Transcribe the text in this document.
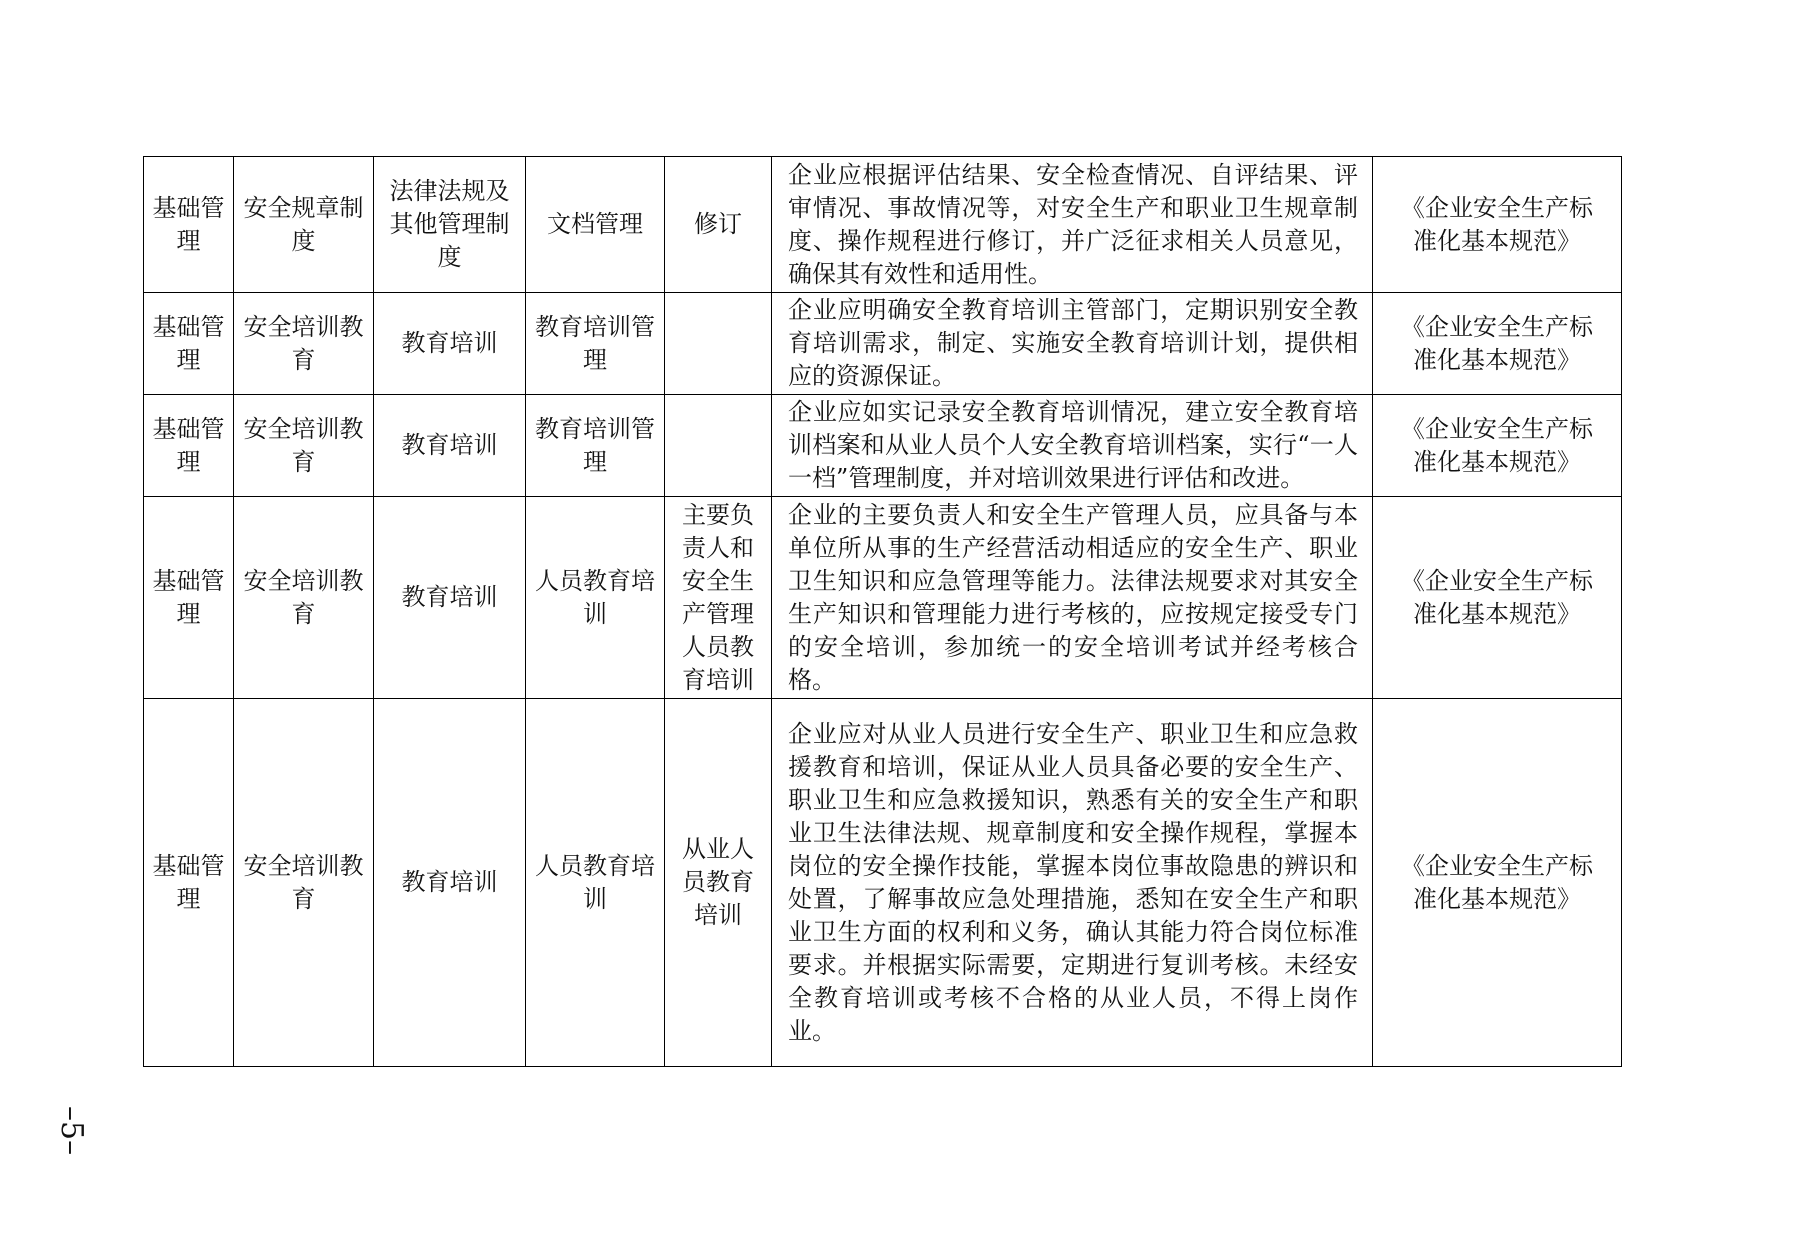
基础管理	安全规章制度	法律法规及其他管理制度	文档管理	修订	企业应根据评估结果、安全检查情况、自评结果、评审情况、事故情况等，对安全生产和职业卫生规章制度、操作规程进行修订，并广泛征求相关人员意见，确保其有效性和适用性。	《企业安全生产标准化基本规范》
基础管理	安全培训教育	教育培训	教育培训管理		企业应明确安全教育培训主管部门，定期识别安全教育培训需求，制定、实施安全教育培训计划，提供相应的资源保证。	《企业安全生产标准化基本规范》
基础管理	安全培训教育	教育培训	教育培训管理		企业应如实记录安全教育培训情况，建立安全教育培训档案和从业人员个人安全教育培训档案，实行“一人一档”管理制度，并对培训效果进行评估和改进。	《企业安全生产标准化基本规范》
基础管理	安全培训教育	教育培训	人员教育培训	主要负责人和安全生产管理人员教育培训	企业的主要负责人和安全生产管理人员，应具备与本单位所从事的生产经营活动相适应的安全生产、职业卫生知识和应急管理等能力。法律法规要求对其安全生产知识和管理能力进行考核的，应按规定接受专门的安全培训，参加统一的安全培训考试并经考核合格。	《企业安全生产标准化基本规范》
基础管理	安全培训教育	教育培训	人员教育培训	从业人员教育培训	企业应对从业人员进行安全生产、职业卫生和应急救援教育和培训，保证从业人员具备必要的安全生产、职业卫生和应急救援知识，熟悉有关的安全生产和职业卫生法律法规、规章制度和安全操作规程，掌握本岗位的安全操作技能，掌握本岗位事故隐患的辨识和处置，了解事故应急处理措施，悉知在安全生产和职业卫生方面的权利和义务，确认其能力符合岗位标准要求。并根据实际需要，定期进行复训考核。未经安全教育培训或考核不合格的从业人员，不得上岗作业。	《企业安全生产标准化基本规范》
–5–
